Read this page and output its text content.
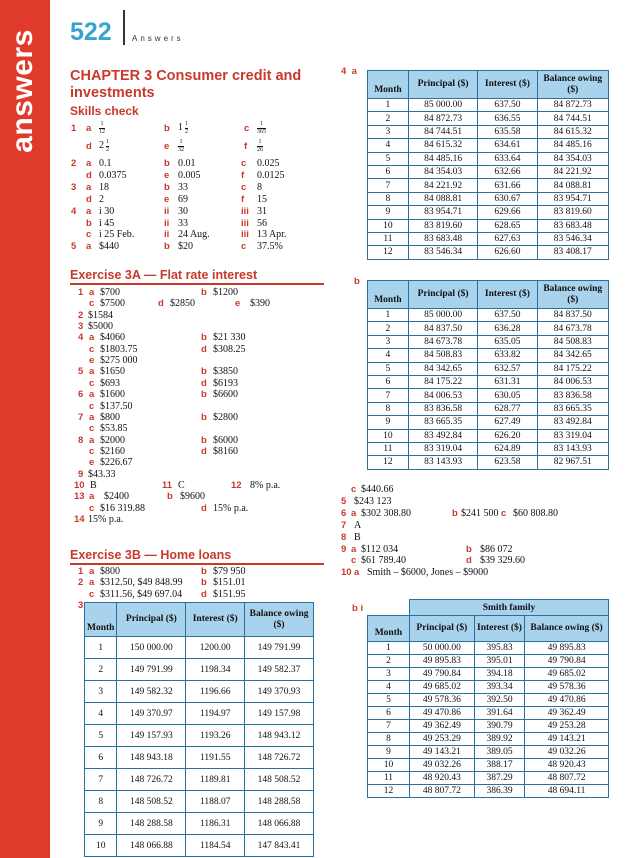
answers 522	Answers
CHAPTER 3 Consumer credit and
investments
Skills check
1 a $\frac{1}{12}$	b $1 \frac{1}{2}$	c $\frac{1}{365}$
d $2 \frac{1}{2}$	e $\frac{1}{32}$	f $\frac{1}{26}$
2 a 0.1	b 0.01	c 0.025
d 0.0375	e 0.005	f 0.0125
3 a 18	b 33	c 8
d 2	e 69	f 15
4 a i 30	ii 30	iii 31
b i 45	ii 33	iii 56
c i 25 Feb.	ii 24 Aug.	iii 13 Apr.
5 a $440	b $20	c 37.5%
Exercise 3A — Flat rate interest
1 a $700	b $1200
c $7500	d $2850	e $390
2 $1584
3 $5000
4 a $4060	b $21 330
c $1803.75	d $308.25
e $275 000
5 a $1650	b $3850
c $693	d $6193
6 a $1600	b $6600
c $137.50
7 a $800	b $2800
c $53.85
8 a $2000	b $6000
c $2160	d $8160
e $226.67
9 $43.33
10 B	11 C	12 8% p.a.
13 a $2400	b $9600
c $16 319.88	d 15% p.a.
14 15% p.a.
Exercise 3B — Home loans
1 a $800	b $79 950
2 a $312.50, $49 848.99 b $151.01
c $311.56, $49 697.04 d $151.95
3
Month	Principal ($)	Interest ($)	Balance owing ($)
1	150 000.00	1200.00	149 791.99
2	149 791.99	1198.34	149 582.37
3	149 582.32	1196.66	149 370.93
4	149 370.97	1194.97	149 157.98
5	149 157.93	1193.26	148 943.12
6	148 943.18	1191.55	148 726.72
7	148 726.72	1189.81	148 508.52
8	148 508.52	1188.07	148 288.58
9	148 288.58	1186.31	148 066.88
10	148 066.88	1184.54	147 843.41
4 a
Month	Principal ($)	Interest ($)	Balance owing ($)
1	85 000.00	637.50	84 872.73
2	84 872.73	636.55	84 744.51
3	84 744.51	635.58	84 615.32
4	84 615.32	634.61	84 485.16
5	84 485.16	633.64	84 354.03
6	84 354.03	632.66	84 221.92
7	84 221.92	631.66	84 088.81
8	84 088.81	630.67	83 954.71
9	83 954.71	629.66	83 819.60
10	83 819.60	628.65	83 683.48
11	83 683.48	627.63	83 546.34
12	83 546.34	626.60	83 408.17
b
Month	Principal ($)	Interest ($)	Balance owing ($)
1	85 000.00	637.50	84 837.50
2	84 837.50	636.28	84 673.78
3	84 673.78	635.05	84 508.83
4	84 508.83	633.82	84 342.65
5	84 342.65	632.57	84 175.22
6	84 175.22	631.31	84 006.53
7	84 006.53	630.05	83 836.58
8	83 836.58	628.77	83 665.35
9	83 665.35	627.49	83 492.84
10	83 492.84	626.20	83 319.04
11	83 319.04	624.89	83 143.93
12	83 143.93	623.58	82 967.51
c $440.66
5 $243 123
6 a $302 308.80	b $241 500 c $60 808.80
7 A
8 B
9 a $112 034	b $86 072
c $61 789.40	d $39 329.60
10 a Smith – $6000, Jones – $9000
b i
		Smith family		
Month	Principal ($)	Interest ($)	Balance owing ($)
1	50 000.00	395.83	49 895.83
2	49 895.83	395.01	49 790.84
3	49 790.84	394.18	49 685.02
4	49 685.02	393.34	49 578.36
5	49 578.36	392.50	49 470.86
6	49 470.86	391.64	49 362.49
7	49 362.49	390.79	49 253.28
8	49 253.29	389.92	49 143.21
9	49 143.21	389.05	49 032.26
10	49 032.26	388.17	48 920.43
11	48 920.43	387.29	48 807.72
12	48 807.72	386.39	48 694.11
